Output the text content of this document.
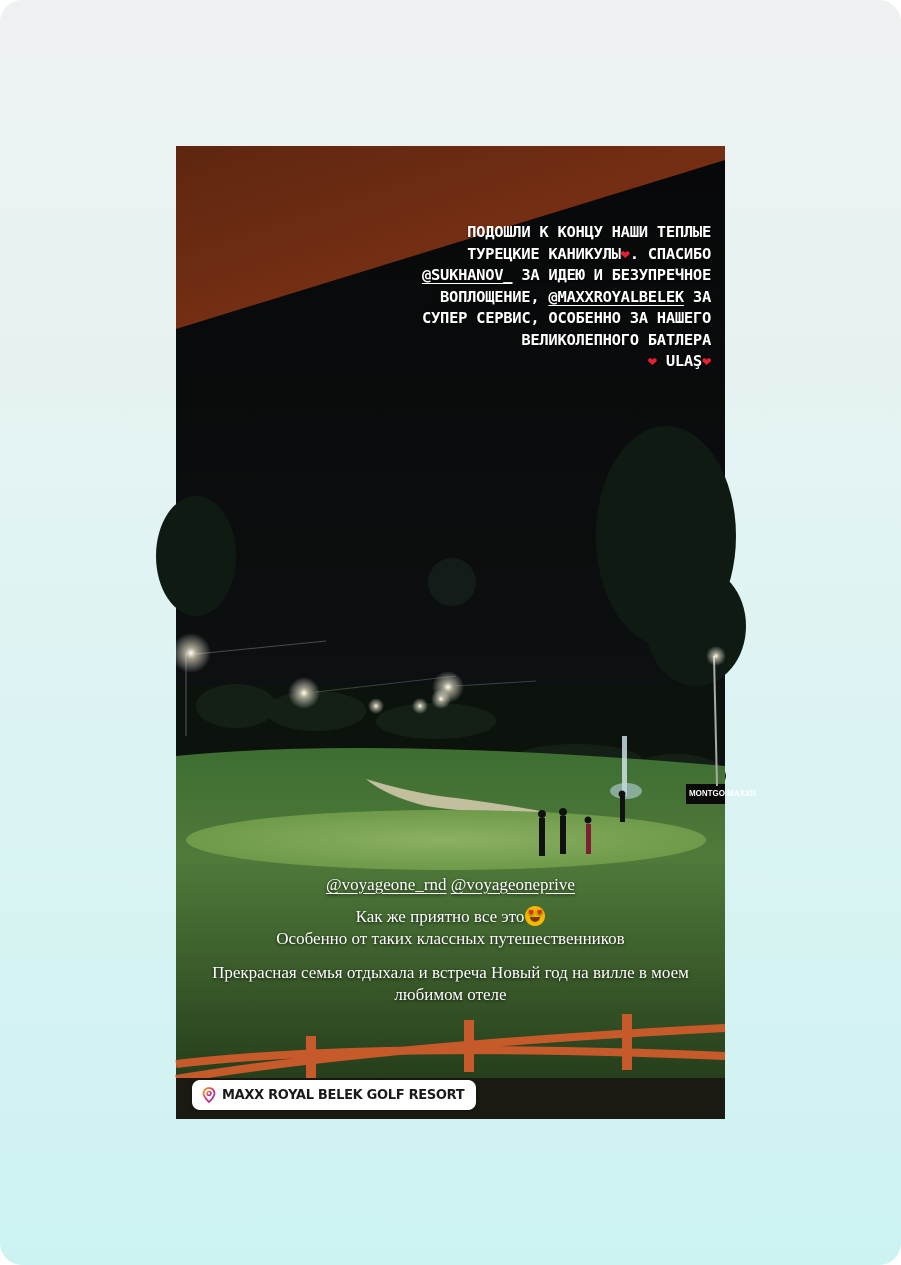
MONTGO MAXXR
ПОДОШЛИ К КОНЦУ НАШИ ТЕПЛЫЕ ТУРЕЦКИЕ КАНИКУЛЫ❤. СПАСИБО @SUKHANOV_ ЗА ИДЕЮ И БЕЗУПРЕЧНОЕ ВОПЛОЩЕНИЕ, @MAXXROYALBELEK ЗА СУПЕР СЕРВИС, ОСОБЕННО ЗА НАШЕГО ВЕЛИКОЛЕПНОГО БАТЛЕРА
❤ ULAŞ❤
@voyageone_rnd @voyageoneprive
Как же приятно все это♥
♥
Особенно от таких классных путешественников
Прекрасная семья отдыхала и встреча Новый год на вилле в моем любимом отеле
MAXX ROYAL BELEK GOLF RESORT
